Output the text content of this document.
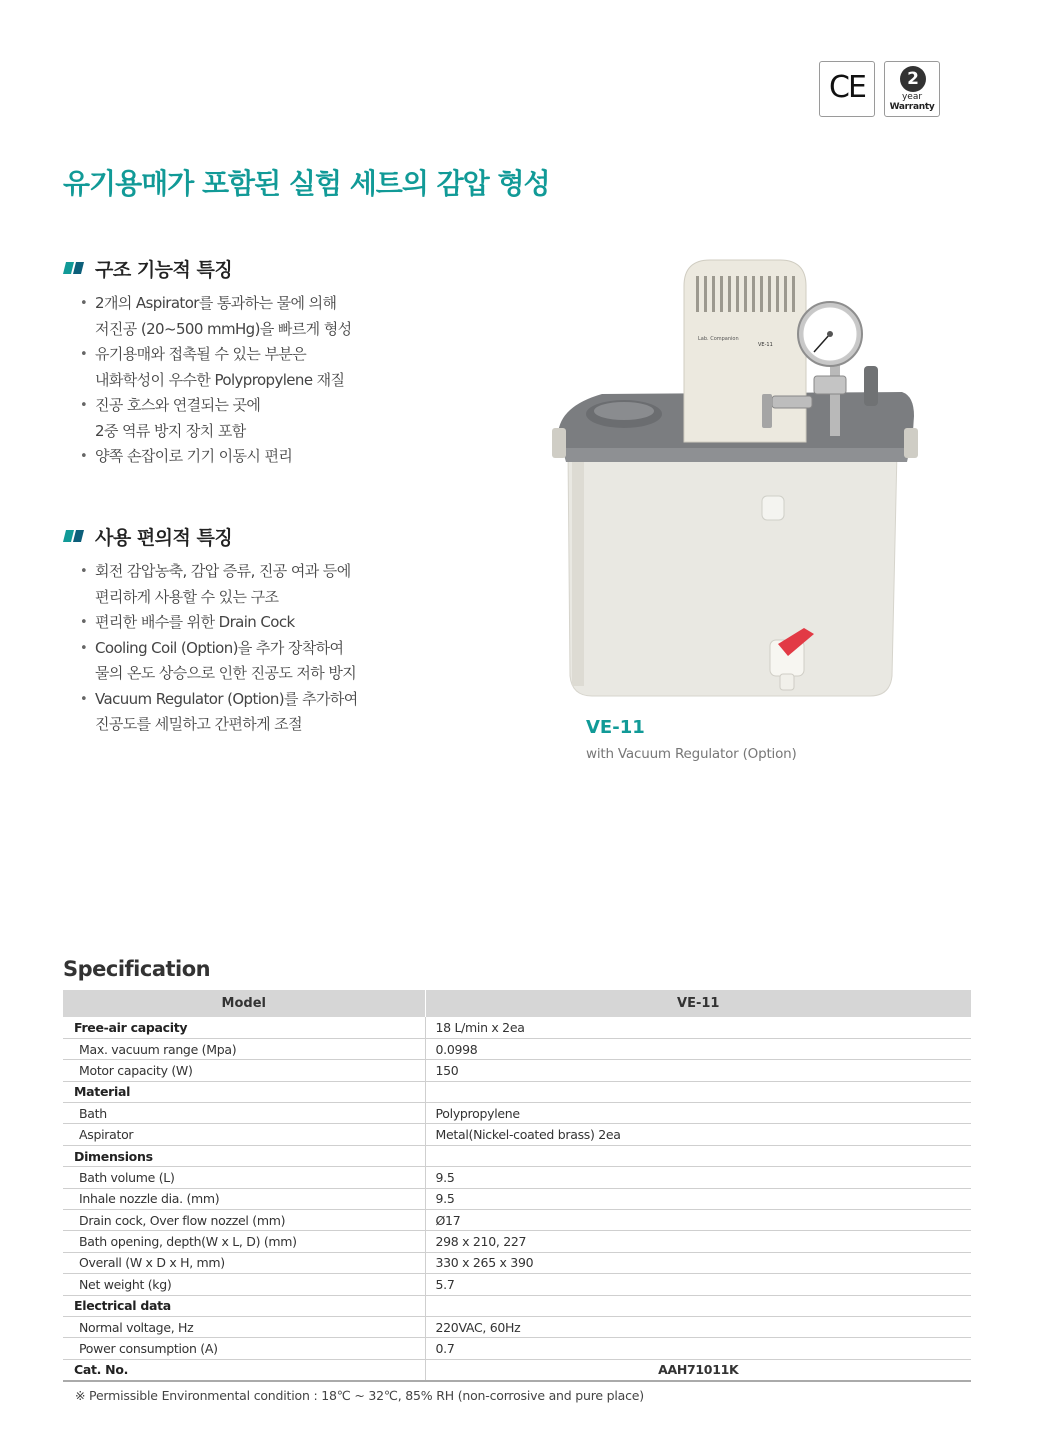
CE	2
year
Warranty
유기용매가 포함된 실험 세트의 감압 형성
구조 기능적 특징
• 2개의 Aspirator를 통과하는 물에 의해
저진공 (20~500 mmHg)을 빠르게 형성
• 유기용매와 접촉될 수 있는 부분은
내화학성이 우수한 Polypropylene 재질
• 진공 호스와 연결되는 곳에
2중 역류 방지 장치 포함
• 양쪽 손잡이로 기기 이동시 편리
사용 편의적 특징
• 회전 감압농축, 감압 증류, 진공 여과 등에
편리하게 사용할 수 있는 구조
• 편리한 배수를 위한 Drain Cock
• Cooling Coil (Option)을 추가 장착하여
물의 온도 상승으로 인한 진공도 저하 방지
• Vacuum Regulator (Option)를 추가하여
진공도를 세밀하고 간편하게 조절
Lab. Companion
VE-11
VE-11
with Vacuum Regulator (Option)
Specification
Model	VE-11
Free-air capacity	18 L/min x 2ea
Max. vacuum range (Mpa)	0.0998
Motor capacity (W)	150
Material	
Bath	Polypropylene
Aspirator	Metal(Nickel-coated brass) 2ea
Dimensions	
Bath volume (L)	9.5
Inhale nozzle dia. (mm)	9.5
Drain cock, Over flow nozzel (mm)	Ø17
Bath opening, depth(W x L, D) (mm)	298 x 210, 227
Overall (W x D x H, mm)	330 x 265 x 390
Net weight (kg)	5.7
Electrical data	
Normal voltage, Hz	220VAC, 60Hz
Power consumption (A)	0.7
Cat. No.	AAH71011K
※ Permissible Environmental condition : 18℃ ~ 32℃, 85% RH (non-corrosive and pure place)
